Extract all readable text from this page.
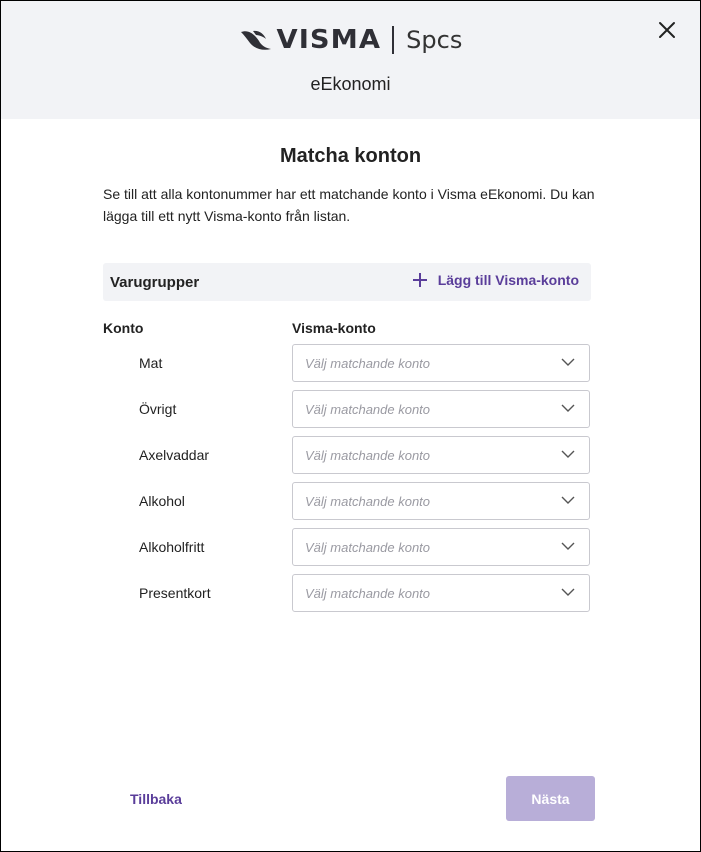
VISMA Spcs
eEkonomi
Matcha konton
Se till att alla kontonummer har ett matchande konto i Visma eEkonomi. Du kan lägga till ett nytt Visma-konto från listan.
Varugrupper	Lägg till Visma-konto
Konto	Visma-konto
Mat	Välj matchande konto
Övrigt	Välj matchande konto
Axelvaddar	Välj matchande konto
Alkohol	Välj matchande konto
Alkoholfritt	Välj matchande konto
Presentkort	Välj matchande konto
Tillbaka	Nästa
